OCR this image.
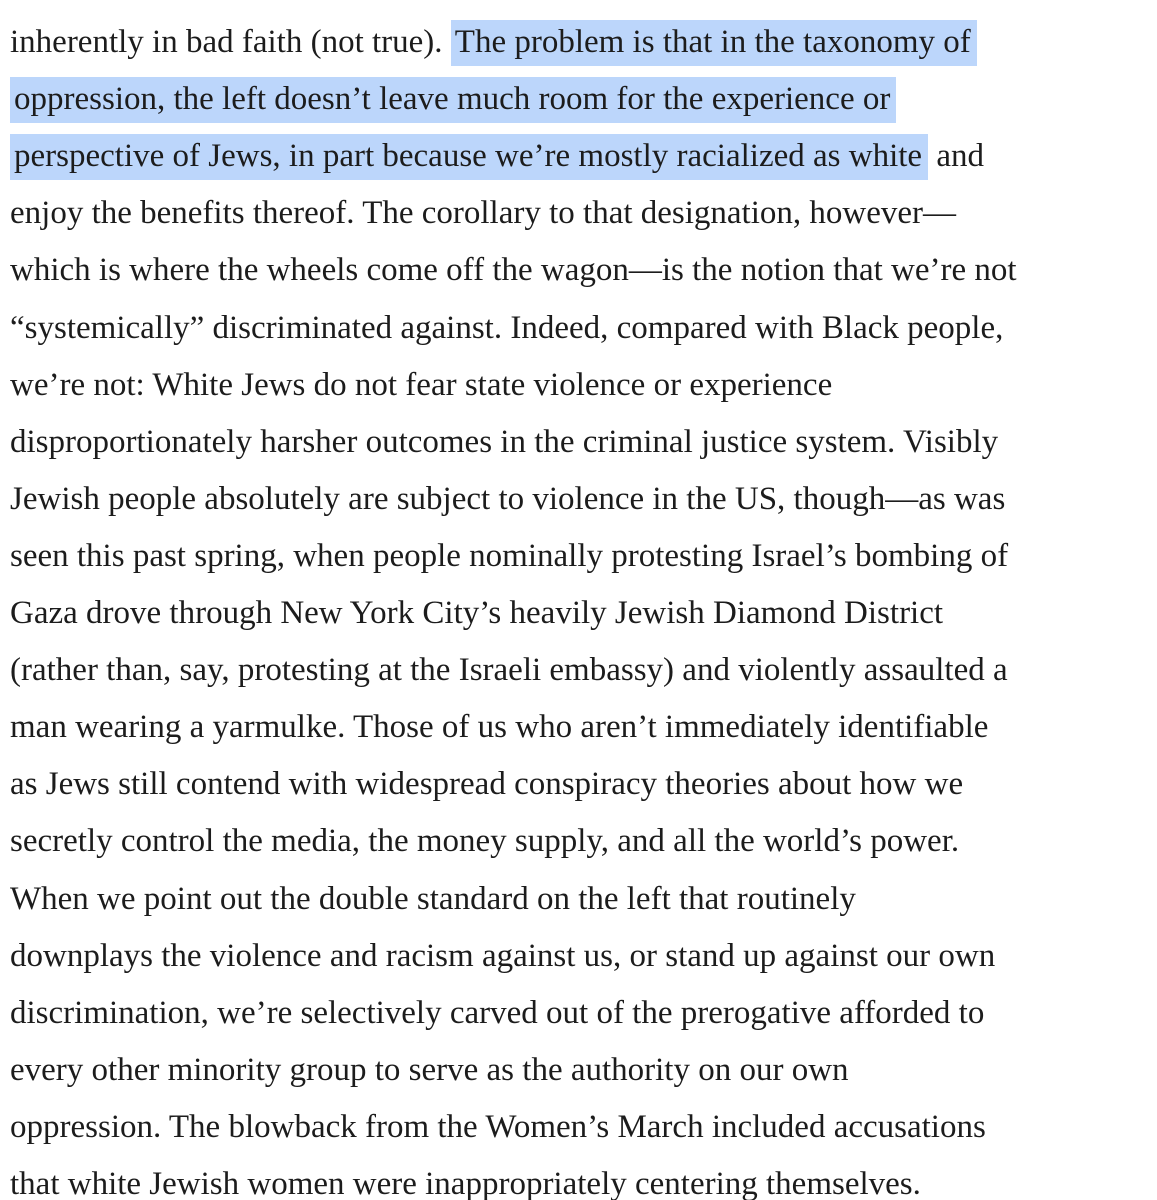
inherently in bad faith (not true). The problem is that in the taxonomy of
oppression, the left doesn’t leave much room for the experience or
perspective of Jews, in part because we’re mostly racialized as white and
enjoy the benefits thereof. The corollary to that designation, however—
which is where the wheels come off the wagon—is the notion that we’re not
“systemically” discriminated against. Indeed, compared with Black people,
we’re not: White Jews do not fear state violence or experience
disproportionately harsher outcomes in the criminal justice system. Visibly
Jewish people absolutely are subject to violence in the US, though—as was
seen this past spring, when people nominally protesting Israel’s bombing of
Gaza drove through New York City’s heavily Jewish Diamond District
(rather than, say, protesting at the Israeli embassy) and violently assaulted a
man wearing a yarmulke. Those of us who aren’t immediately identifiable
as Jews still contend with widespread conspiracy theories about how we
secretly control the media, the money supply, and all the world’s power.
When we point out the double standard on the left that routinely
downplays the violence and racism against us, or stand up against our own
discrimination, we’re selectively carved out of the prerogative afforded to
every other minority group to serve as the authority on our own
oppression. The blowback from the Women’s March included accusations
that white Jewish women were inappropriately centering themselves.
